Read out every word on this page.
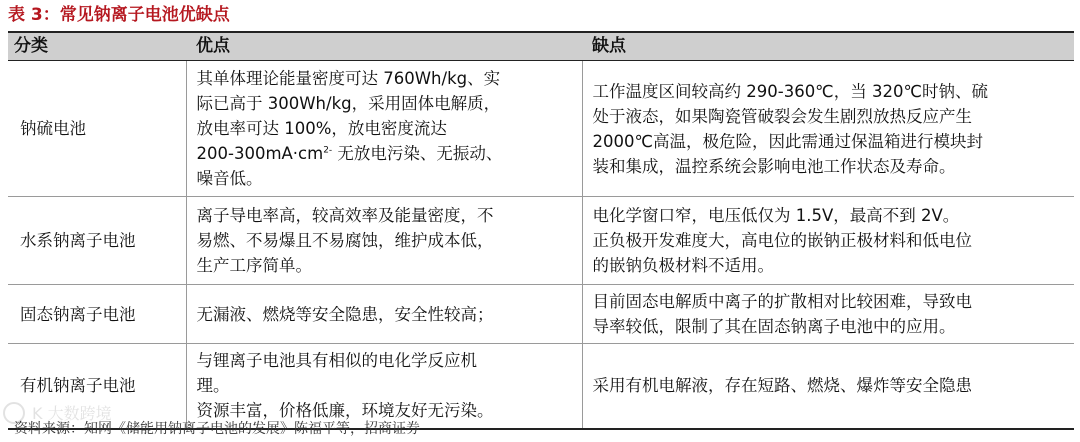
表 3：常见钠离子电池优缺点
分类	优点	缺点
钠硫电池	其单体理论能量密度可达 760Wh/kg、实
际已高于 300Wh/kg，采用固体电解质，
放电率可达 100%，放电密度流达
$200-300mA\cdot cm^{2-}$ 无放电污染、无振动、
噪音低。	工作温度区间较高约 290-360℃，当 320℃时钠、硫
处于液态，如果陶瓷管破裂会发生剧烈放热反应产生
2000℃高温，极危险，因此需通过保温箱进行模块封
装和集成，温控系统会影响电池工作状态及寿命。

水系钠离子电池	离子导电率高，较高效率及能量密度，不
易燃、不易爆且不易腐蚀，维护成本低，
生产工序简单。	电化学窗口窄，电压低仅为 1.5V，最高不到 2V。
正负极开发难度大，高电位的嵌钠正极材料和低电位
的嵌钠负极材料不适用。

固态钠离子电池	无漏液、燃烧等安全隐患，安全性较高；	目前固态电解质中离子的扩散相对比较困难，导致电
导率较低，限制了其在固态钠离子电池中的应用。

有机钠离子电池	与锂离子电池具有相似的电化学反应机
理。
资源丰富，价格低廉，环境友好无污染。	采用有机电解液，存在短路、燃烧、爆炸等安全隐患
K 大数跨境
资料来源：知网《储能用钠离子电池的发展》陈福平等，招商证券
